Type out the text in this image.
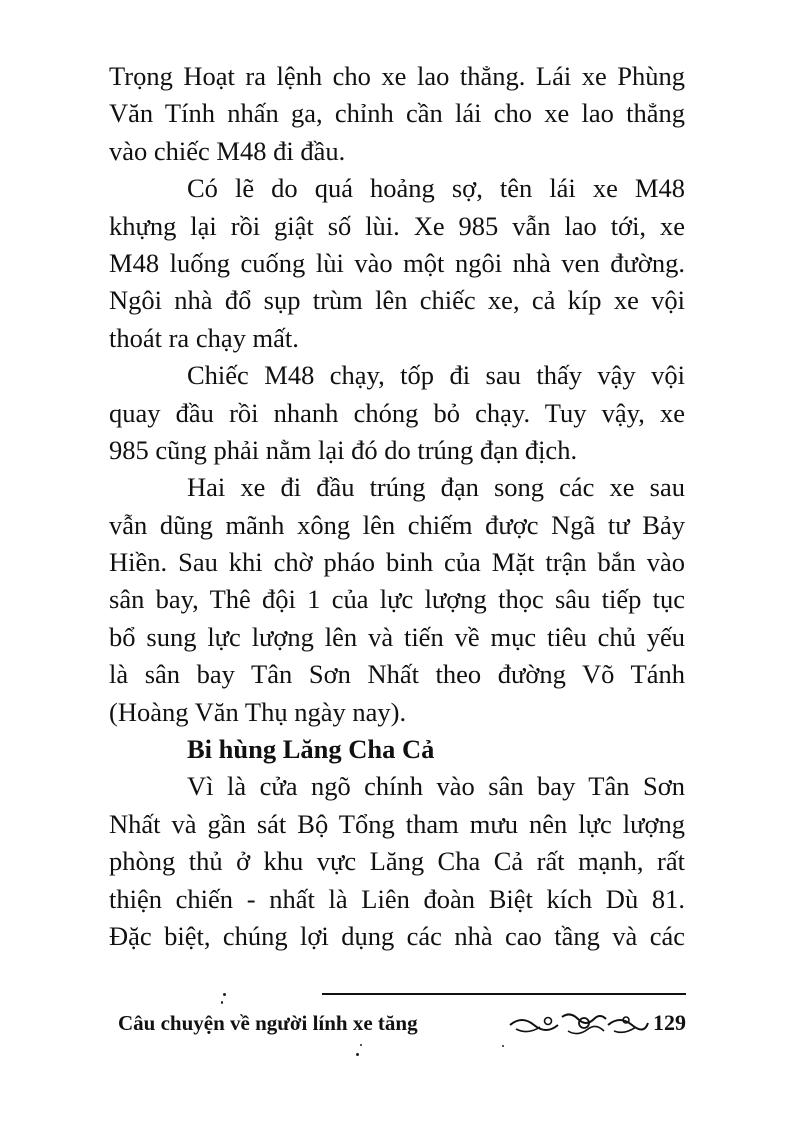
Trọng Hoạt ra lệnh cho xe lao thẳng. Lái xe Phùng
Văn Tính nhấn ga, chỉnh cần lái cho xe lao thẳng
vào chiếc M48 đi đầu.
Có lẽ do quá hoảng sợ, tên lái xe M48
khựng lại rồi giật số lùi. Xe 985 vẫn lao tới, xe
M48 luống cuống lùi vào một ngôi nhà ven đường.
Ngôi nhà đổ sụp trùm lên chiếc xe, cả kíp xe vội
thoát ra chạy mất.
Chiếc M48 chạy, tốp đi sau thấy vậy vội
quay đầu rồi nhanh chóng bỏ chạy. Tuy vậy, xe
985 cũng phải nằm lại đó do trúng đạn địch.
Hai xe đi đầu trúng đạn song các xe sau
vẫn dũng mãnh xông lên chiếm được Ngã tư Bảy
Hiền. Sau khi chờ pháo binh của Mặt trận bắn vào
sân bay, Thê đội 1 của lực lượng thọc sâu tiếp tục
bổ sung lực lượng lên và tiến về mục tiêu chủ yếu
là sân bay Tân Sơn Nhất theo đường Võ Tánh
(Hoàng Văn Thụ ngày nay).
Bi hùng Lăng Cha Cả
Vì là cửa ngõ chính vào sân bay Tân Sơn
Nhất và gần sát Bộ Tổng tham mưu nên lực lượng
phòng thủ ở khu vực Lăng Cha Cả rất mạnh, rất
thiện chiến - nhất là Liên đoàn Biệt kích Dù 81.
Đặc biệt, chúng lợi dụng các nhà cao tầng và các
Câu chuyện về người lính xe tăng	129
